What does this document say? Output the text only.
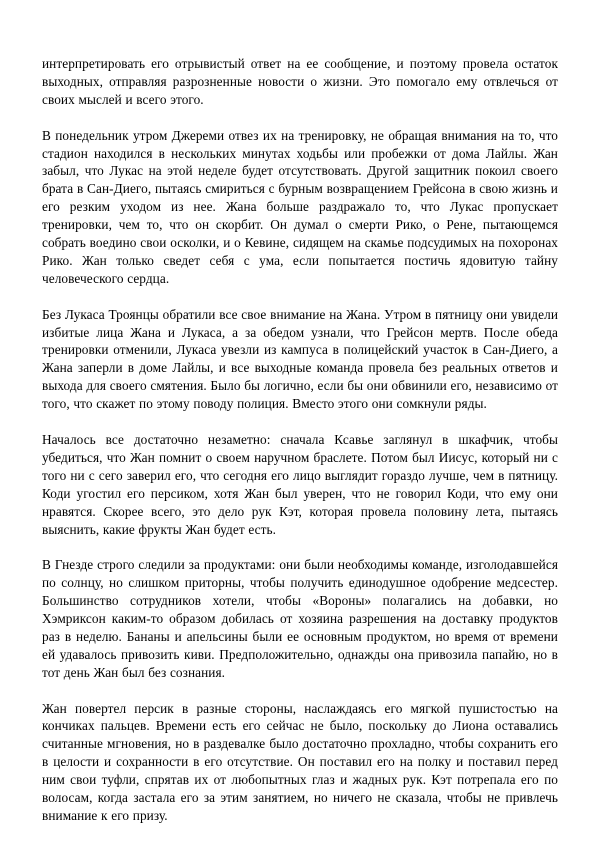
интерпретировать его отрывистый ответ на ее сообщение, и поэтому провела остаток выходных, отправляя разрозненные новости о жизни. Это помогало ему отвлечься от своих мыслей и всего этого.

В понедельник утром Джереми отвез их на тренировку, не обращая внимания на то, что стадион находился в нескольких минутах ходьбы или пробежки от дома Лайлы. Жан забыл, что Лукас на этой неделе будет отсутствовать. Другой защитник покоил своего брата в Сан-Диего, пытаясь смириться с бурным возвращением Грейсона в свою жизнь и его резким уходом из нее. Жана больше раздражало то, что Лукас пропускает тренировки, чем то, что он скорбит. Он думал о смерти Рико, о Рене, пытающемся собрать воедино свои осколки, и о Кевине, сидящем на скамье подсудимых на похоронах Рико. Жан только сведет себя с ума, если попытается постичь ядовитую тайну человеческого сердца.

Без Лукаса Троянцы обратили все свое внимание на Жана. Утром в пятницу они увидели избитые лица Жана и Лукаса, а за обедом узнали, что Грейсон мертв. После обеда тренировки отменили, Лукаса увезли из кампуса в полицейский участок в Сан-Диего, а Жана заперли в доме Лайлы, и все выходные команда провела без реальных ответов и выхода для своего смятения. Было бы логично, если бы они обвинили его, независимо от того, что скажет по этому поводу полиция. Вместо этого они сомкнули ряды.

Началось все достаточно незаметно: сначала Ксавье заглянул в шкафчик, чтобы убедиться, что Жан помнит о своем наручном браслете. Потом был Иисус, который ни с того ни с сего заверил его, что сегодня его лицо выглядит гораздо лучше, чем в пятницу. Коди угостил его персиком, хотя Жан был уверен, что не говорил Коди, что ему они нравятся. Скорее всего, это дело рук Кэт, которая провела половину лета, пытаясь выяснить, какие фрукты Жан будет есть.

В Гнезде строго следили за продуктами: они были необходимы команде, изголодавшейся по солнцу, но слишком приторны, чтобы получить единодушное одобрение медсестер. Большинство сотрудников хотели, чтобы «Вороны» полагались на добавки, но Хэмриксон каким-то образом добилась от хозяина разрешения на доставку продуктов раз в неделю. Бананы и апельсины были ее основным продуктом, но время от времени ей удавалось привозить киви. Предположительно, однажды она привозила папайю, но в тот день Жан был без сознания.

Жан повертел персик в разные стороны, наслаждаясь его мягкой пушистостью на кончиках пальцев. Времени есть его сейчас не было, поскольку до Лиона оставались считанные мгновения, но в раздевалке было достаточно прохладно, чтобы сохранить его в целости и сохранности в его отсутствие. Он поставил его на полку и поставил перед ним свои туфли, спрятав их от любопытных глаз и жадных рук. Кэт потрепала его по волосам, когда застала его за этим занятием, но ничего не сказала, чтобы не привлечь внимание к его призу.
